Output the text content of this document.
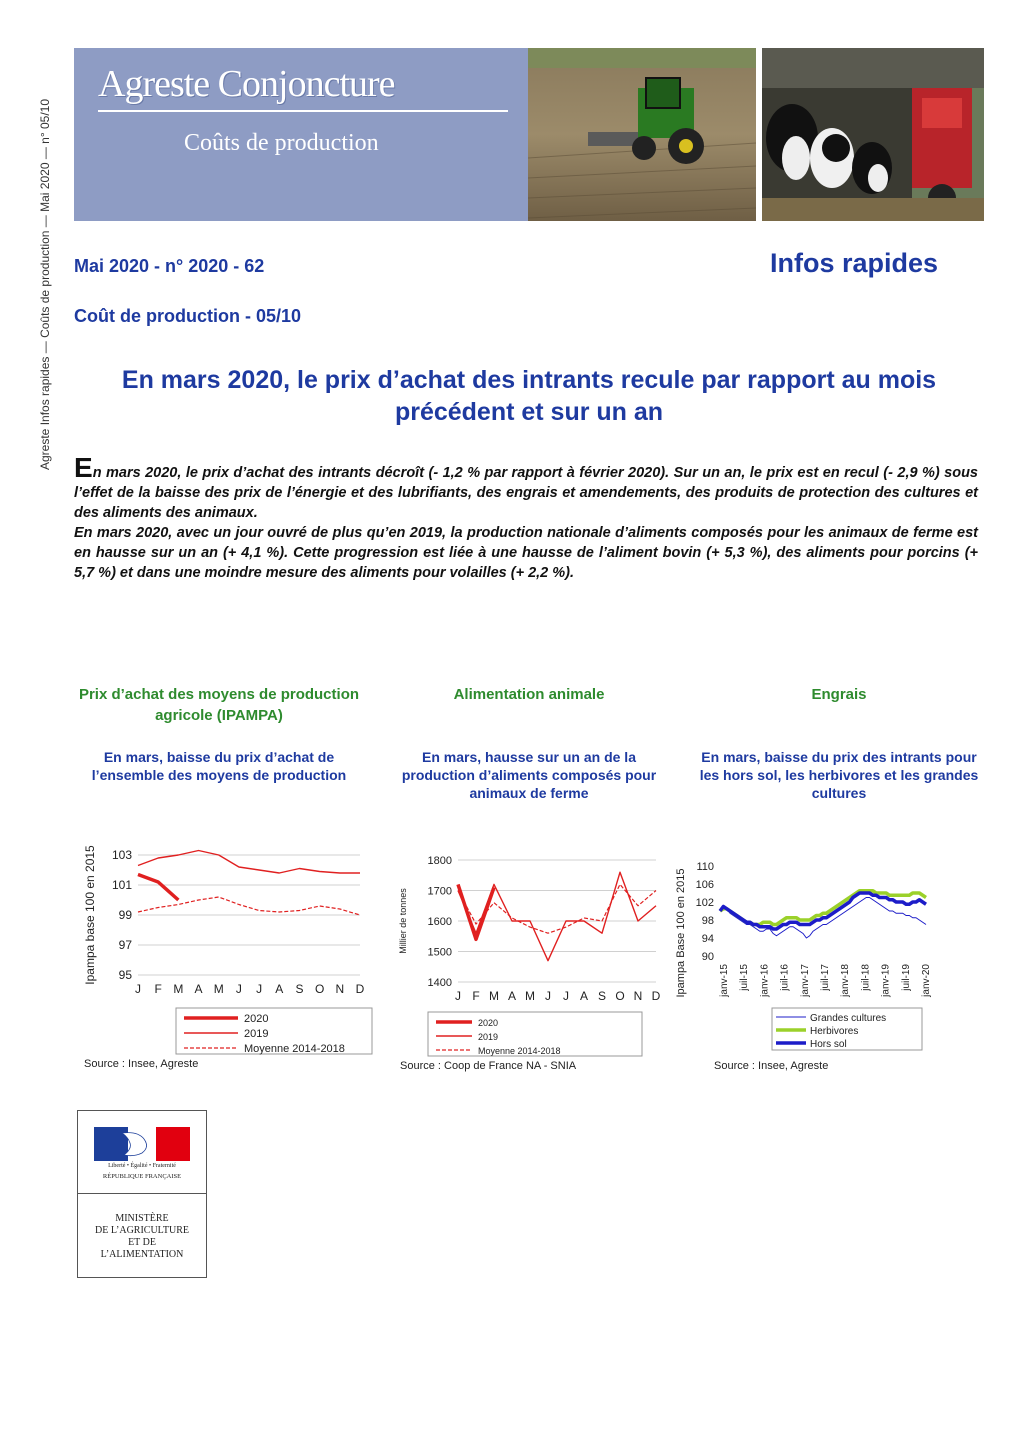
Agreste Infos rapides — Coûts de production — Mai 2020 — n° 05/10
Agreste Conjoncture
Coûts de production
Mai 2020 - n° 2020 - 62	Infos rapides
Coût de production - 05/10
En mars 2020, le prix d’achat des intrants recule par rapport au mois précédent et sur un an
En mars 2020, le prix d’achat des intrants décroît (- 1,2 % par rapport à février 2020). Sur un an, le prix est en recul (- 2,9 %) sous l’effet de la baisse des prix de l’énergie et des lubrifiants, des engrais et amendements, des produits de protection des cultures et des aliments des animaux.
En mars 2020, avec un jour ouvré de plus qu’en 2019, la production nationale d’aliments composés pour les animaux de ferme est en hausse sur un an (+ 4,1 %). Cette progression est liée à une hausse de l’aliment bovin (+ 5,3 %), des aliments pour porcins (+ 5,7 %) et dans une moindre mesure des aliments pour volailles (+ 2,2 %).
Prix d’achat des moyens de production agricole (IPAMPA)
En mars, baisse du prix d’achat de l’ensemble des moyens de production
95
97
99
101
103
J F M A M J J A S O N D
Ipampa base 100 en 2015
2020
2019
Moyenne 2014-2018
Source : Insee, Agreste
Alimentation animale
En mars, hausse sur un an de la production d’aliments composés pour animaux de ferme
1400
1500
1600
1700
1800
J F M A M J J A S O N D
Millier de tonnes
2020
2019
Moyenne 2014-2018
Source : Coop de France NA - SNIA
Engrais
En mars, baisse du prix des intrants pour les hors sol, les herbivores et les grandes cultures
90
94
98
102
106
110
janv-15 juil-15 janv-16 juil-16 janv-17 juil-17 janv-18 juil-18 janv-19 juil-19 janv-20
Ipampa Base 100 en 2015
Grandes cultures
Herbivores
Hors sol
Source : Insee, Agreste
Liberté • Égalité • Fraternité
RÉPUBLIQUE FRANÇAISE
MINISTÈRE
DE L’AGRICULTURE
ET DE
L’ALIMENTATION
